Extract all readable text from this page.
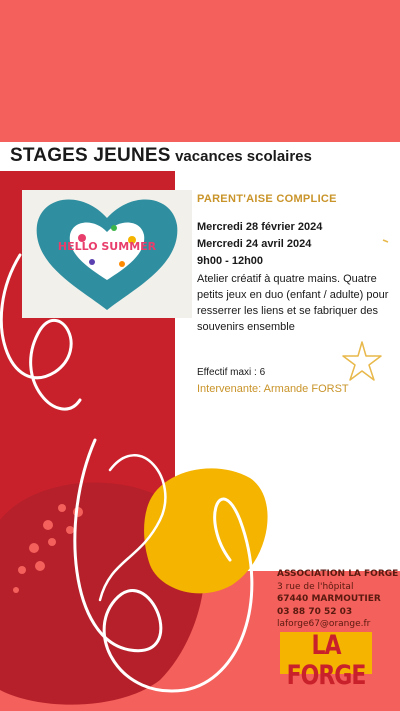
STAGES JEUNES vacances scolaires
HELLO SUMMER
PARENT'AISE COMPLICE
Mercredi 28 février 2024
Mercredi 24 avril 2024
9h00 - 12h00
Atelier créatif à quatre mains. Quatre petits jeux en duo (enfant / adulte) pour resserrer les liens et se fabriquer des souvenirs ensemble
Effectif maxi : 6
Intervenante: Armande FORST
ASSOCIATION LA FORGE
3 rue de l'hôpital
67440 MARMOUTIER
03 88 70 52 03
laforge67@orange.fr
LA FORGE
